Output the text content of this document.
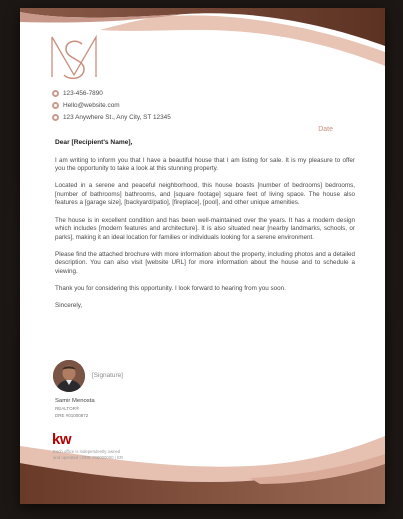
123-456-7890
Hello@website.com
123 Anywhere St., Any City, ST 12345
Date
Dear [Recipient's Name],

I am writing to inform you that I have a beautiful house that I am listing for sale. It is my pleasure to offer you the opportunity to take a look at this stunning property.

Located in a serene and peaceful neighborhood, this house boasts [number of bedrooms] bedrooms, [number of bathrooms] bathrooms, and [square footage] square feet of living space. The house also features a [garage size], [backyard/patio], [fireplace], [pool], and other unique amenities.

The house is in excellent condition and has been well-maintained over the years. It has a modern design which includes [modern features and architecture]. It is also situated near [nearby landmarks, schools, or parks], making it an ideal location for families or individuals looking for a serene environment.

Please find the attached brochure with more information about the property, including photos and a detailed description. You can also visit [website URL] for more information about the house and to schedule a viewing.

Thank you for considering this opportunity. I look forward to hearing from you soon.

Sincerely,

[Signature]
Samir Menosta
REALTOR®
DRE #01000872
kw
Each office is independently owned
and operated | DRE #00000000 | ER
